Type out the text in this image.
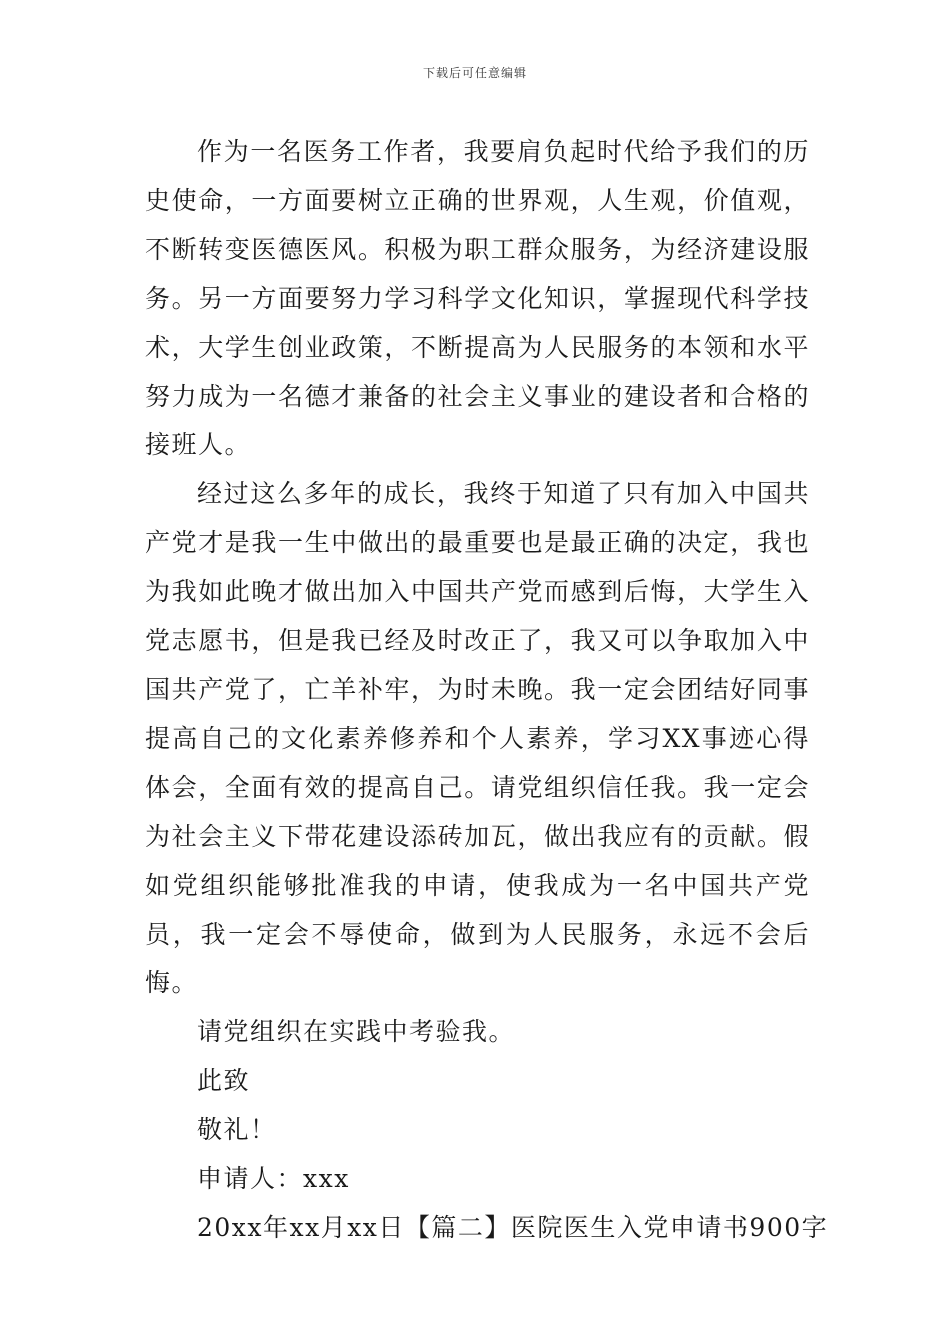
下载后可任意编辑

作为一名医务工作者，我要肩负起时代给予我们的历史使命，一方面要树立正确的世界观，人生观，价值观，不断转变医德医风。积极为职工群众服务，为经济建设服务。另一方面要努力学习科学文化知识，掌握现代科学技术，大学生创业政策，不断提高为人民服务的本领和水平努力成为一名德才兼备的社会主义事业的建设者和合格的接班人。

经过这么多年的成长，我终于知道了只有加入中国共产党才是我一生中做出的最重要也是最正确的决定，我也为我如此晚才做出加入中国共产党而感到后悔，大学生入党志愿书，但是我已经及时改正了，我又可以争取加入中国共产党了，亡羊补牢，为时未晚。我一定会团结好同事提高自己的文化素养修养和个人素养，学习XX事迹心得体会，全面有效的提高自己。请党组织信任我。我一定会为社会主义下带花建设添砖加瓦，做出我应有的贡献。假如党组织能够批准我的申请，使我成为一名中国共产党员，我一定会不辱使命，做到为人民服务，永远不会后悔。

请党组织在实践中考验我。

此致

敬礼！

申请人：xxx

20xx年xx月xx日【篇二】医院医生入党申请书900字
